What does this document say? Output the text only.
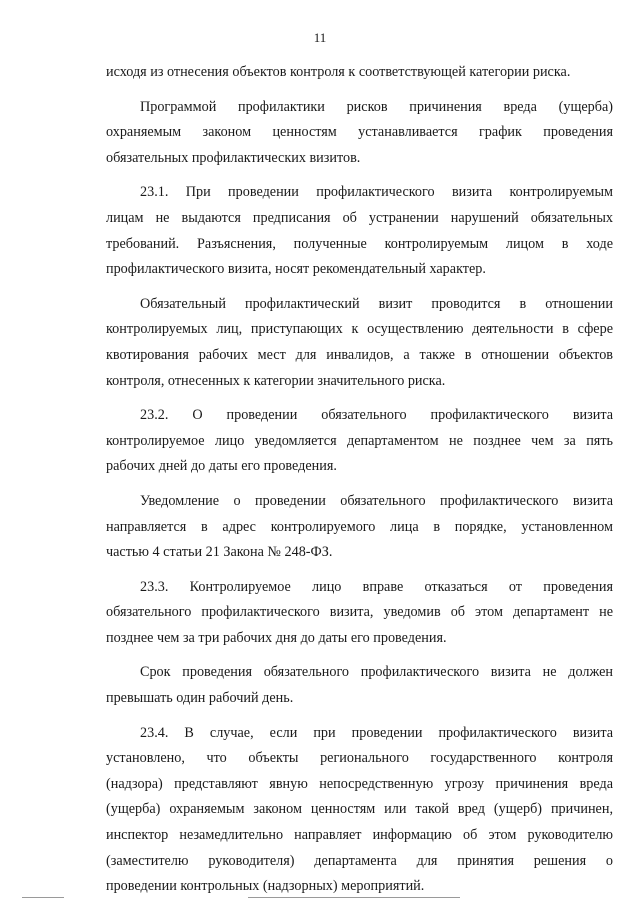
11

исходя из отнесения объектов контроля к соответствующей категории риска.

Программой профилактики рисков причинения вреда (ущерба)

охраняемым законом ценностям устанавливается график проведения

обязательных профилактических визитов.

23.1. При проведении профилактического визита контролируемым

лицам не выдаются предписания об устранении нарушений обязательных

требований. Разъяснения, полученные контролируемым лицом в ходе

профилактического визита, носят рекомендательный характер.

Обязательный профилактический визит проводится в отношении

контролируемых лиц, приступающих к осуществлению деятельности в сфере

квотирования рабочих мест для инвалидов, а также в отношении объектов

контроля, отнесенных к категории значительного риска.

23.2. О проведении обязательного профилактического визита

контролируемое лицо уведомляется департаментом не позднее чем за пять

рабочих дней до даты его проведения.

Уведомление о проведении обязательного профилактического визита

направляется в адрес контролируемого лица в порядке, установленном

частью 4 статьи 21 Закона № 248-ФЗ.

23.3. Контролируемое лицо вправе отказаться от проведения

обязательного профилактического визита, уведомив об этом департамент не

позднее чем за три рабочих дня до даты его проведения.

Срок проведения обязательного профилактического визита не должен

превышать один рабочий день.

23.4. В случае, если при проведении профилактического визита

установлено, что объекты регионального государственного контроля

(надзора) представляют явную непосредственную угрозу причинения вреда

(ущерба) охраняемым законом ценностям или такой вред (ущерб) причинен,

инспектор незамедлительно направляет информацию об этом руководителю

(заместителю руководителя) департамента для принятия решения о

проведении контрольных (надзорных) мероприятий.
